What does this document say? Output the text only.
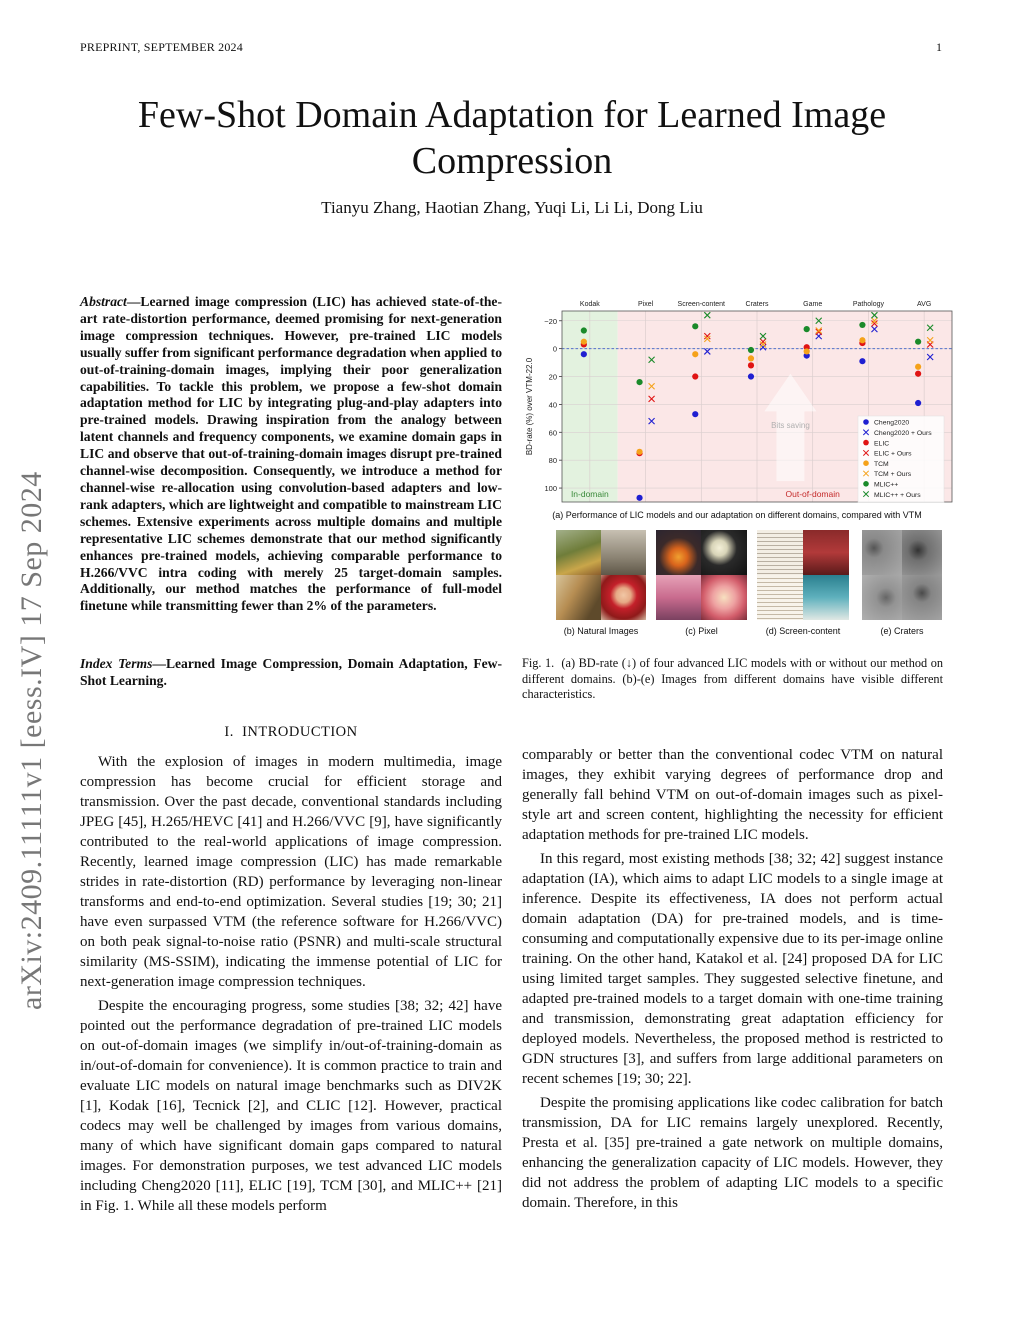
PREPRINT, SEPTEMBER 2024	1
Few-Shot Domain Adaptation for Learned Image Compression
Tianyu Zhang, Haotian Zhang, Yuqi Li, Li Li, Dong Liu
arXiv:2409.11111v1 [eess.IV] 17 Sep 2024
Abstract—Learned image compression (LIC) has achieved state-of-the-art rate-distortion performance, deemed promising for next-generation image compression techniques. However, pre-trained LIC models usually suffer from significant performance degradation when applied to out-of-training-domain images, implying their poor generalization capabilities. To tackle this problem, we propose a few-shot domain adaptation method for LIC by integrating plug-and-play adapters into pre-trained models. Drawing inspiration from the analogy between latent channels and frequency components, we examine domain gaps in LIC and observe that out-of-training-domain images disrupt pre-trained channel-wise decomposition. Consequently, we introduce a method for channel-wise re-allocation using convolution-based adapters and low-rank adapters, which are lightweight and compatible to mainstream LIC schemes. Extensive experiments across multiple domains and multiple representative LIC schemes demonstrate that our method significantly enhances pre-trained models, achieving comparable performance to H.266/VVC intra coding with merely 25 target-domain samples. Additionally, our method matches the performance of full-model finetune while transmitting fewer than 2% of the parameters.
Index Terms—Learned Image Compression, Domain Adaptation, Few-Shot Learning.
I. INTRODUCTION

With the explosion of images in modern multimedia, image compression has become crucial for efficient storage and transmission. Over the past decade, conventional standards including JPEG [45], H.265/HEVC [41] and H.266/VVC [9], have significantly contributed to the real-world applications of image compression. Recently, learned image compression (LIC) has made remarkable strides in rate-distortion (RD) performance by leveraging non-linear transforms and end-to-end optimization. Several studies [19; 30; 21] have even surpassed VTM (the reference software for H.266/VVC) on both peak signal-to-noise ratio (PSNR) and multi-scale structural similarity (MS-SSIM), indicating the immense potential of LIC for next-generation image compression techniques.

Despite the encouraging progress, some studies [38; 32; 42] have pointed out the performance degradation of pre-trained LIC models on out-of-domain images (we simplify in/out-of-training-domain as in/out-of-domain for convenience). It is common practice to train and evaluate LIC models on natural image benchmarks such as DIV2K [1], Kodak [16], Tecnick [2], and CLIC [12]. However, practical codecs may well be challenged by images from various domains, many of which have significant domain gaps compared to natural images. For demonstration purposes, we test advanced LIC models including Cheng2020 [11], ELIC [19], TCM [30], and MLIC++ [21] in Fig. 1. While all these models perform

comparably or better than the conventional codec VTM on natural images, they exhibit varying degrees of performance drop and generally fall behind VTM on out-of-domain images such as pixel-style art and screen content, highlighting the necessity for efficient adaptation methods for pre-trained LIC models.

In this regard, most existing methods [38; 32; 42] suggest instance adaptation (IA), which aims to adapt LIC models to a single image at inference. Despite its effectiveness, IA does not perform actual domain adaptation (DA) for pre-trained models, and is time-consuming and computationally expensive due to its per-image online training. On the other hand, Katakol et al. [24] proposed DA for LIC using limited target samples. They suggested selective finetune, and adapted pre-trained models to a target domain with one-time training and transmission, demonstrating great adaptation efficiency for deployed models. Nevertheless, the proposed method is restricted to GDN structures [3], and suffers from large additional parameters on recent schemes [19; 30; 22].

Despite the promising applications like codec calibration for batch transmission, DA for LIC remains largely unexplored. Recently, Presta et al. [35] pre-trained a gate network on multiple domains, enhancing the generalization capacity of LIC models. However, they did not address the problem of adapting LIC models to a specific domain. Therefore, in this

−20
0
20
40
60
80
100
Bits saving
Kodak	Pixel	Screen-content	Craters	Game	Pathology	AVG
BD-rate (%) over VTM-22.0
In-domain	Out-of-domain
Cheng2020
Cheng2020 + Ours
ELIC
ELIC + Ours
TCM
TCM + Ours
MLIC++
MLIC++ + Ours
(a) Performance of LIC models and our adaptation on different domains, compared with VTM
(b) Natural Images	(c) Pixel	(d) Screen-content	(e) Craters
Fig. 1. (a) BD-rate (↓) of four advanced LIC models with or without our method on different domains. (b)-(e) Images from different domains have visible different characteristics.
